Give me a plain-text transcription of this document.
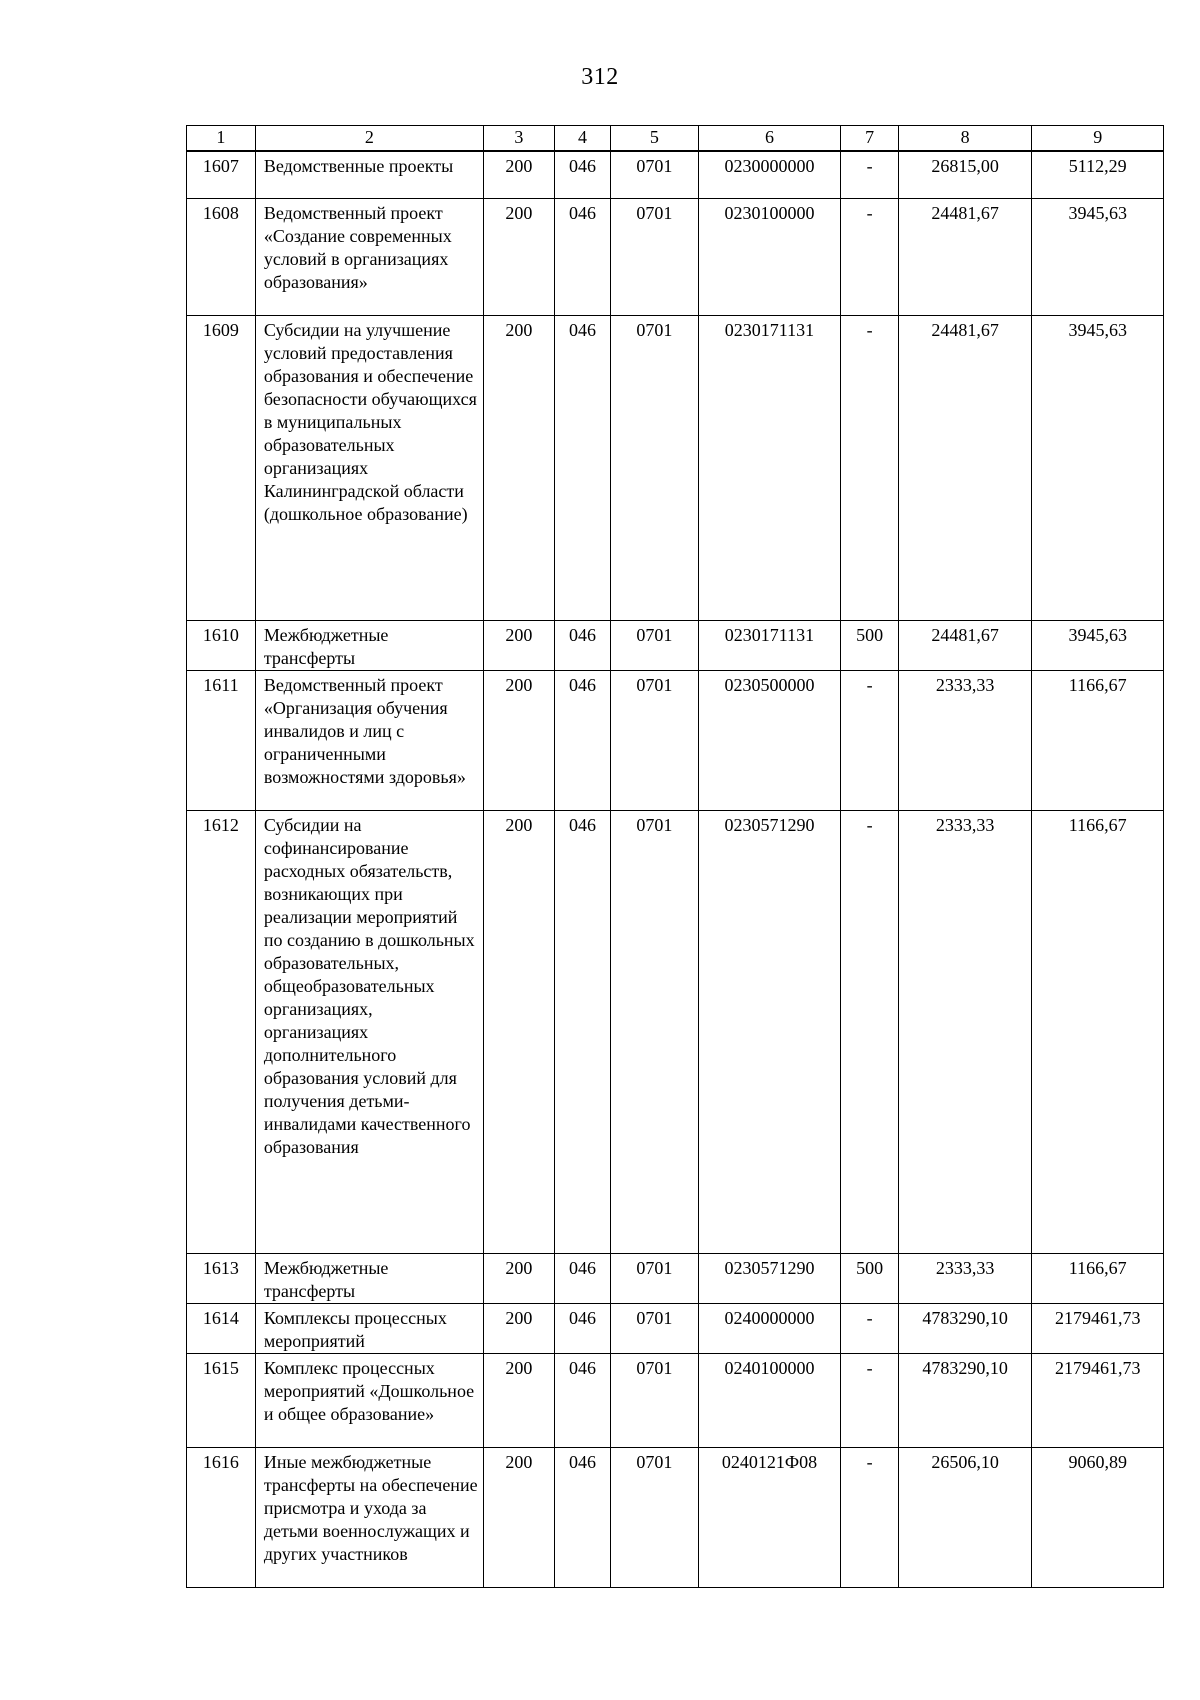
312
1	2	3	4	5	6	7	8	9
1607	Ведомственные проекты	200	046	0701	0230000000	-	26815,00	5112,29
1608	Ведомственный проект «Создание современных условий в организациях образования»	200	046	0701	0230100000	-	24481,67	3945,63
1609	Субсидии на улучшение условий предоставления образования и обеспечение безопасности обучающихся в муниципальных образовательных организациях Калининградской области (дошкольное образование)	200	046	0701	0230171131	-	24481,67	3945,63
1610	Межбюджетные трансферты	200	046	0701	0230171131	500	24481,67	3945,63
1611	Ведомственный проект «Организация обучения инвалидов и лиц с ограниченными возможностями здоровья»	200	046	0701	0230500000	-	2333,33	1166,67
1612	Субсидии на софинансирование расходных обязательств, возникающих при реализации мероприятий по созданию в дошкольных образовательных, общеобразовательных организациях, организациях дополнительного образования условий для получения детьми-инвалидами качественного образования	200	046	0701	0230571290	-	2333,33	1166,67
1613	Межбюджетные трансферты	200	046	0701	0230571290	500	2333,33	1166,67
1614	Комплексы процессных мероприятий	200	046	0701	0240000000	-	4783290,10	2179461,73
1615	Комплекс процессных мероприятий «Дошкольное и общее образование»	200	046	0701	0240100000	-	4783290,10	2179461,73
1616	Иные межбюджетные трансферты на обеспечение присмотра и ухода за детьми военнослужащих и других участников	200	046	0701	0240121Ф08	-	26506,10	9060,89
